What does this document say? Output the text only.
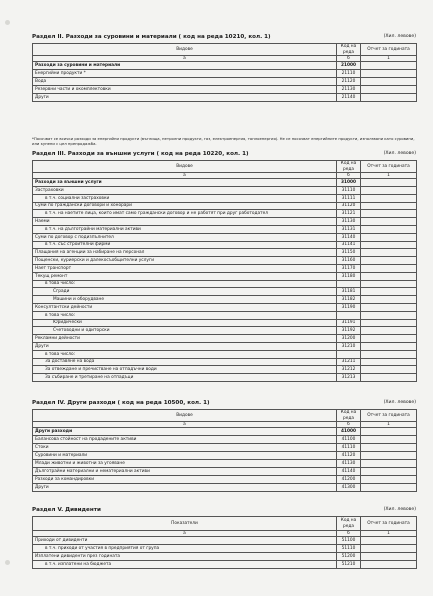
Раздел II. Разходи за суровини и материали ( код на реда 10210, кол. 1)	(Хил. левове)
Видове	Код на реда	Отчет за годината
а	б	1
Разходи за суровини и материали	21000	
Енергийни продукти *	21110	
Вода	21120	
Резервни части и окомплектовки	21130	
Други	21140	
*Посочват се всички разходи за енергийни продукти (въглища, петролни продукти, газ, електроенергия, топлоенергия). Не се посочват енергийните продукти, използвани като суровини, или купени с цел препродажба.
Раздел III. Разходи за външни услуги ( код на реда 10220, кол. 1)	(Хил. левове)
Видове	Код на реда	Отчет за годината
а	б	1
Разходи за външни услуги	31000	
Застраховки	31110	
в т.ч. социални застраховки	31111	
Суми по граждански договори и хонорари	31120	
в т.ч. на наетите лица, които имат само граждански договор и не работят при друг работодател	31121	
Наеми	31130	
в т.ч. на дълготрайни материални активи	31131	
Суми по договор с подизпълнител	31140	
в т.ч. със строителни фирми	31141	
Плащания на агенции за набиране на персонал	31150	
Пощенски, куриерски и далекосъобщителни услуги	31160	
Нает транспорт	31170	
Текущ ремонт	31180	
в това число:		
Сгради	31181	
Машини и оборудване	31182	
Консултантски дейности	31190	
в това число:		
Юридически	31191	
Счетоводни и одиторски	31192	
Рекламни дейности	31200	
Други	31210	
в това число:		
За доставяне на вода	31211	
За отвеждане и пречистване на отпадъчни води	31212	
За събиране и третиране на отпадъци	31213	
Раздел IV. Други разходи ( код на реда 10500, кол. 1)	(Хил. левове)
Видове	Код на реда	Отчет за годината
а	б	1
Други разходи	41000	
Балансова стойност на продадените активи	41100	
Стоки	41110	
Суровини и материали	41120	
Млади животни и животни за угояване	41130	
Дълготрайни материални и нематериални активи	41140	
Разходи за командировки	41200	
Други	41300	
Раздел V. Дивиденти	(Хил. левове)
Показатели	Код на реда	Отчет за годината
а	б	1
Приходи от дивиденти	51100	
в т.ч. приходи от участия в предприятия от група	51110	
Изплатени дивиденти през годината	51200	
в т.ч. изплатени на бюджета	51210	
